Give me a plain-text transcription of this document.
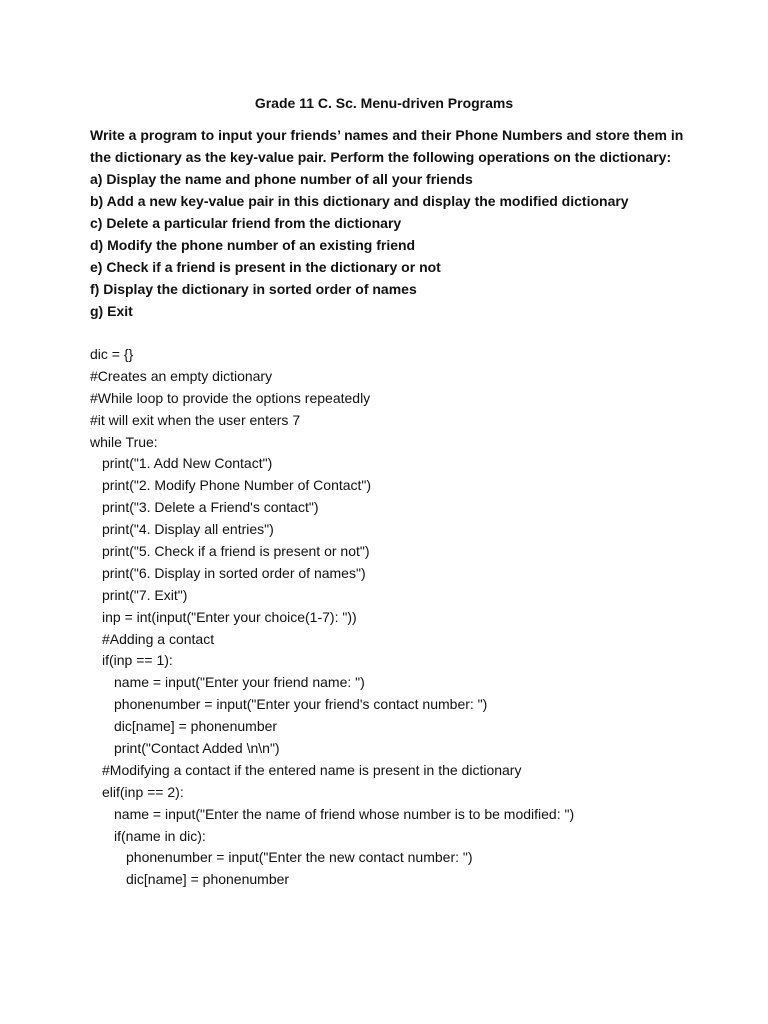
Grade 11 C. Sc. Menu-driven Programs

Write a program to input your friends’ names and their Phone Numbers and store them in the dictionary as the key-value pair. Perform the following operations on the dictionary:

a) Display the name and phone number of all your friends
b) Add a new key-value pair in this dictionary and display the modified dictionary
c) Delete a particular friend from the dictionary
d) Modify the phone number of an existing friend
e) Check if a friend is present in the dictionary or not
f) Display the dictionary in sorted order of names
g) Exit
dic = {}
#Creates an empty dictionary
#While loop to provide the options repeatedly
#it will exit when the user enters 7
while True:
print("1. Add New Contact")
print("2. Modify Phone Number of Contact")
print("3. Delete a Friend's contact")
print("4. Display all entries")
print("5. Check if a friend is present or not")
print("6. Display in sorted order of names")
print("7. Exit")
inp = int(input("Enter your choice(1-7): "))
#Adding a contact
if(inp == 1):
name = input("Enter your friend name: ")
phonenumber = input("Enter your friend's contact number: ")
dic[name] = phonenumber
print("Contact Added \n\n")
#Modifying a contact if the entered name is present in the dictionary
elif(inp == 2):
name = input("Enter the name of friend whose number is to be modified: ")
if(name in dic):
phonenumber = input("Enter the new contact number: ")
dic[name] = phonenumber
